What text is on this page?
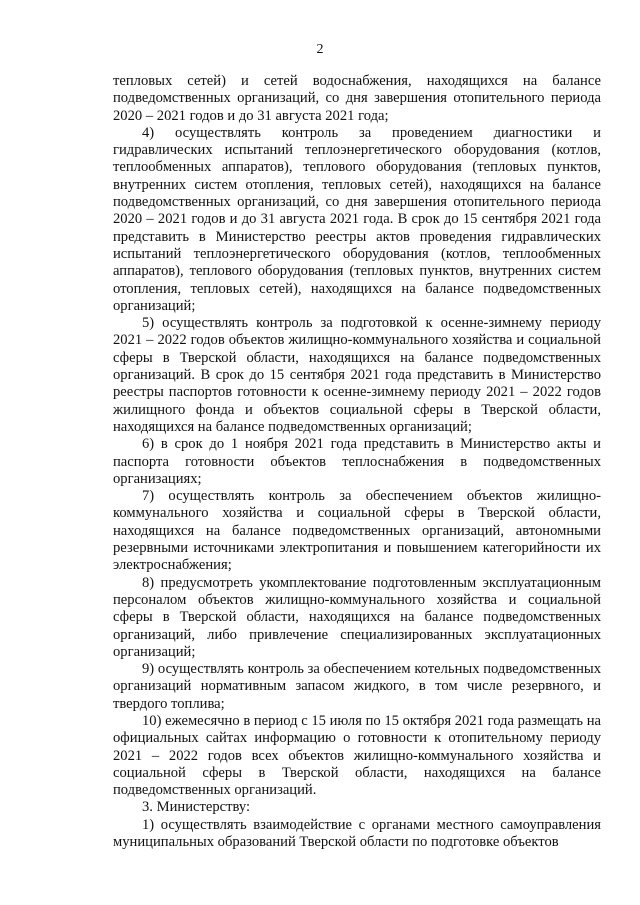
2

тепловых сетей) и сетей водоснабжения, находящихся на балансе подведомственных организаций, со дня завершения отопительного периода 2020 – 2021 годов и до 31 августа 2021 года;

4) осуществлять контроль за проведением диагностики и гидравлических испытаний теплоэнергетического оборудования (котлов, теплообменных аппаратов), теплового оборудования (тепловых пунктов, внутренних систем отопления, тепловых сетей), находящихся на балансе подведомственных организаций, со дня завершения отопительного периода 2020 – 2021 годов и до 31 августа 2021 года. В срок до 15 сентября 2021 года представить в Министерство реестры актов проведения гидравлических испытаний теплоэнергетического оборудования (котлов, теплообменных аппаратов), теплового оборудования (тепловых пунктов, внутренних систем отопления, тепловых сетей), находящихся на балансе подведомственных организаций;

5) осуществлять контроль за подготовкой к осенне-зимнему периоду 2021 – 2022 годов объектов жилищно-коммунального хозяйства и социальной сферы в Тверской области, находящихся на балансе подведомственных организаций. В срок до 15 сентября 2021 года представить в Министерство реестры паспортов готовности к осенне-зимнему периоду 2021 – 2022 годов жилищного фонда и объектов социальной сферы в Тверской области, находящихся на балансе подведомственных организаций;

6) в срок до 1 ноября 2021 года представить в Министерство акты и паспорта готовности объектов теплоснабжения в подведомственных организациях;

7) осуществлять контроль за обеспечением объектов жилищно-коммунального хозяйства и социальной сферы в Тверской области, находящихся на балансе подведомственных организаций, автономными резервными источниками электропитания и повышением категорийности их электроснабжения;

8) предусмотреть укомплектование подготовленным эксплуатационным персоналом объектов жилищно-коммунального хозяйства и социальной сферы в Тверской области, находящихся на балансе подведомственных организаций, либо привлечение специализированных эксплуатационных организаций;

9) осуществлять контроль за обеспечением котельных подведомственных организаций нормативным запасом жидкого, в том числе резервного, и твердого топлива;

10) ежемесячно в период с 15 июля по 15 октября 2021 года размещать на официальных сайтах информацию о готовности к отопительному периоду 2021 – 2022 годов всех объектов жилищно-коммунального хозяйства и социальной сферы в Тверской области, находящихся на балансе подведомственных организаций.

3. Министерству:

1) осуществлять взаимодействие с органами местного самоуправления муниципальных образований Тверской области по подготовке объектов
